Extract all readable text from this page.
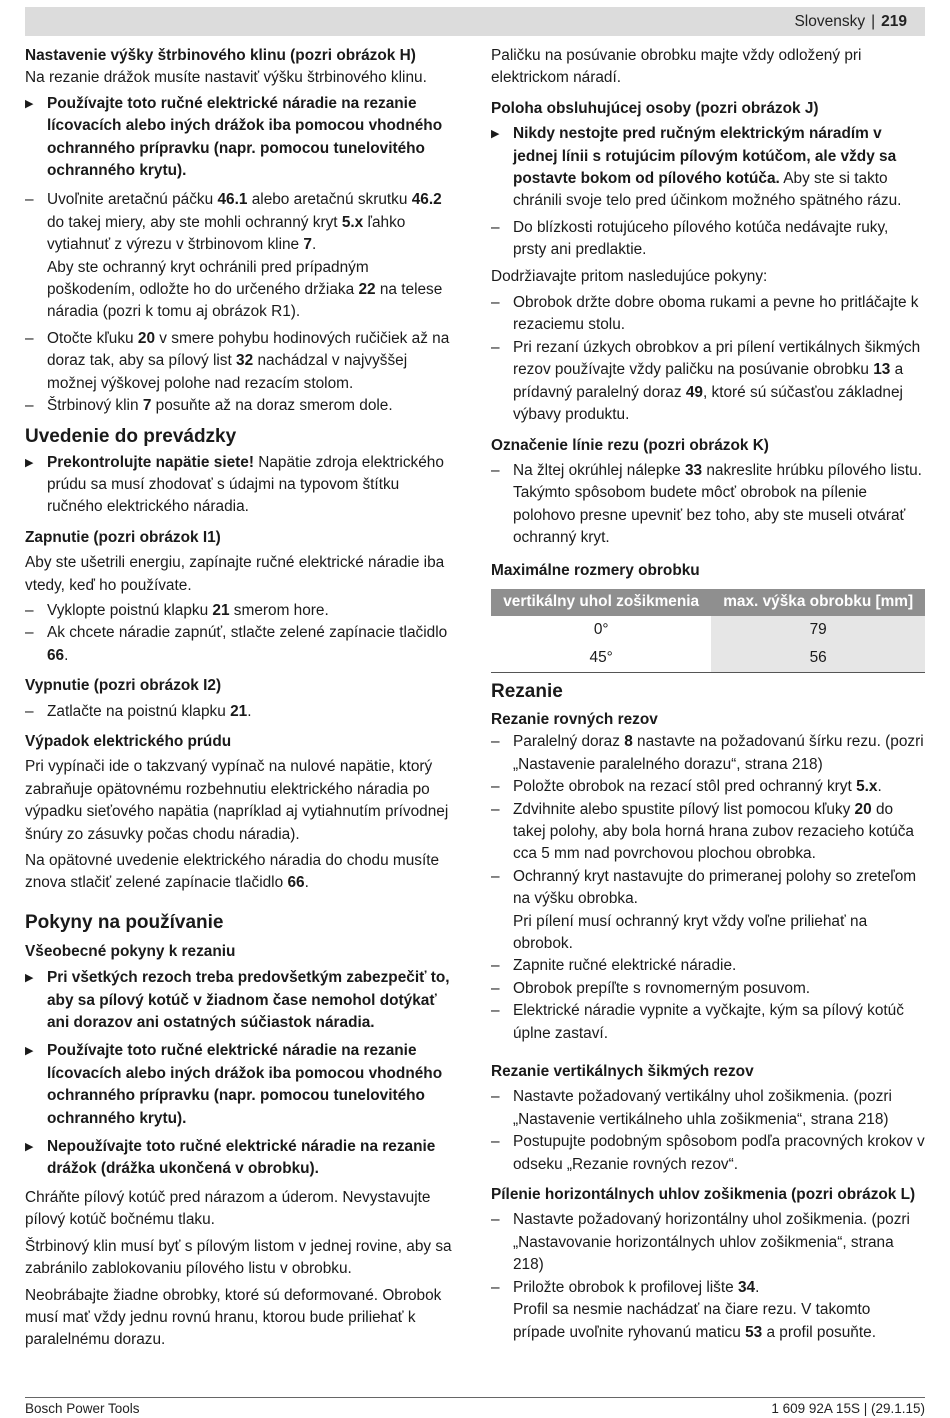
Slovensky | 219
Nastavenie výšky štrbinového klinu (pozri obrázok H)
Na rezanie drážok musíte nastaviť výšku štrbinového klinu.
▶ Používajte toto ručné elektrické náradie na rezanie lícovacích alebo iných drážok iba pomocou vhodného ochranného prípravku (napr. pomocou tunelovitého ochranného krytu).
– Uvoľnite aretačnú páčku 46.1 alebo aretačnú skrutku 46.2 do takej miery, aby ste mohli ochranný kryt 5.x ľahko vytiahnuť z výrezu v štrbinovom kline 7.
Aby ste ochranný kryt ochránili pred prípadným poškodením, odložte ho do určeného držiaka 22 na telese náradia (pozri k tomu aj obrázok R1).
– Otočte kľuku 20 v smere pohybu hodinových ručičiek až na doraz tak, aby sa pílový list 32 nachádzal v najvyššej možnej výškovej polohe nad rezacím stolom.
– Štrbinový klin 7 posuňte až na doraz smerom dole.
Uvedenie do prevádzky
▶ Prekontrolujte napätie siete! Napätie zdroja elektrického prúdu sa musí zhodovať s údajmi na typovom štítku ručného elektrického náradia.
Zapnutie (pozri obrázok I1)
Aby ste ušetrili energiu, zapínajte ručné elektrické náradie iba vtedy, keď ho používate.
– Vyklopte poistnú klapku 21 smerom hore.
– Ak chcete náradie zapnúť, stlačte zelené zapínacie tlačidlo 66.
Vypnutie (pozri obrázok I2)
– Zatlačte na poistnú klapku 21.
Výpadok elektrického prúdu
Pri vypínači ide o takzvaný vypínač na nulové napätie, ktorý zabraňuje opätovnému rozbehnutiu elektrického náradia po výpadku sieťového napätia (napríklad aj vytiahnutím prívodnej šnúry zo zásuvky počas chodu náradia).
Na opätovné uvedenie elektrického náradia do chodu musíte znova stlačiť zelené zapínacie tlačidlo 66.
Pokyny na používanie
Všeobecné pokyny k rezaniu
▶ Pri všetkých rezoch treba predovšetkým zabezpečiť to, aby sa pílový kotúč v žiadnom čase nemohol dotýkať ani dorazov ani ostatných súčiastok náradia.
▶ Používajte toto ručné elektrické náradie na rezanie lícovacích alebo iných drážok iba pomocou vhodného ochranného prípravku (napr. pomocou tunelovitého ochranného krytu).
▶ Nepoužívajte toto ručné elektrické náradie na rezanie drážok (drážka ukončená v obrobku).
Chráňte pílový kotúč pred nárazom a úderom. Nevystavujte pílový kotúč bočnému tlaku.
Štrbinový klin musí byť s pílovým listom v jednej rovine, aby sa zabránilo zablokovaniu pílového listu v obrobku.
Neobrábajte žiadne obrobky, ktoré sú deformované. Obrobok musí mať vždy jednu rovnú hranu, ktorou bude priliehať k paralelnému dorazu.
Paličku na posúvanie obrobku majte vždy odložený pri elektrickom náradí.
Poloha obsluhujúcej osoby (pozri obrázok J)
▶ Nikdy nestojte pred ručným elektrickým náradím v jednej línii s rotujúcim pílovým kotúčom, ale vždy sa postavte bokom od pílového kotúča. Aby ste si takto chránili svoje telo pred účinkom možného spätného rázu.
– Do blízkosti rotujúceho pílového kotúča nedávajte ruky, prsty ani predlaktie.
Dodržiavajte pritom nasledujúce pokyny:
– Obrobok držte dobre oboma rukami a pevne ho pritláčajte k rezaciemu stolu.
– Pri rezaní úzkych obrobkov a pri pílení vertikálnych šikmých rezov používajte vždy paličku na posúvanie obrobku 13 a prídavný paralelný doraz 49, ktoré sú súčasťou základnej výbavy produktu.
Označenie línie rezu (pozri obrázok K)
– Na žltej okrúhlej nálepke 33 nakreslite hrúbku pílového listu.
Takýmto spôsobom budete môcť obrobok na pílenie polohovo presne upevniť bez toho, aby ste museli otvárať ochranný kryt.
Maximálne rozmery obrobku
vertikálny uhol zošikmenia	max. výška obrobku [mm]
0°	79
45°	56
Rezanie
Rezanie rovných rezov
– Paralelný doraz 8 nastavte na požadovanú šírku rezu. (pozri „Nastavenie paralelného dorazu“, strana 218)
– Položte obrobok na rezací stôl pred ochranný kryt 5.x.
– Zdvihnite alebo spustite pílový list pomocou kľuky 20 do takej polohy, aby bola horná hrana zubov rezacieho kotúča cca 5 mm nad povrchovou plochou obrobka.
– Ochranný kryt nastavujte do primeranej polohy so zreteľom na výšku obrobka.
Pri pílení musí ochranný kryt vždy voľne priliehať na obrobok.
– Zapnite ručné elektrické náradie.
– Obrobok prepíľte s rovnomerným posuvom.
– Elektrické náradie vypnite a vyčkajte, kým sa pílový kotúč úplne zastaví.
Rezanie vertikálnych šikmých rezov
– Nastavte požadovaný vertikálny uhol zošikmenia. (pozri „Nastavenie vertikálneho uhla zošikmenia“, strana 218)
– Postupujte podobným spôsobom podľa pracovných krokov v odseku „Rezanie rovných rezov“.
Pílenie horizontálnych uhlov zošikmenia (pozri obrázok L)
– Nastavte požadovaný horizontálny uhol zošikmenia. (pozri „Nastavovanie horizontálnych uhlov zošikmenia“, strana 218)
– Priložte obrobok k profilovej lište 34.
Profil sa nesmie nachádzať na čiare rezu. V takomto prípade uvoľnite ryhovanú maticu 53 a profil posuňte.
Bosch Power Tools	1 609 92A 15S | (29.1.15)
